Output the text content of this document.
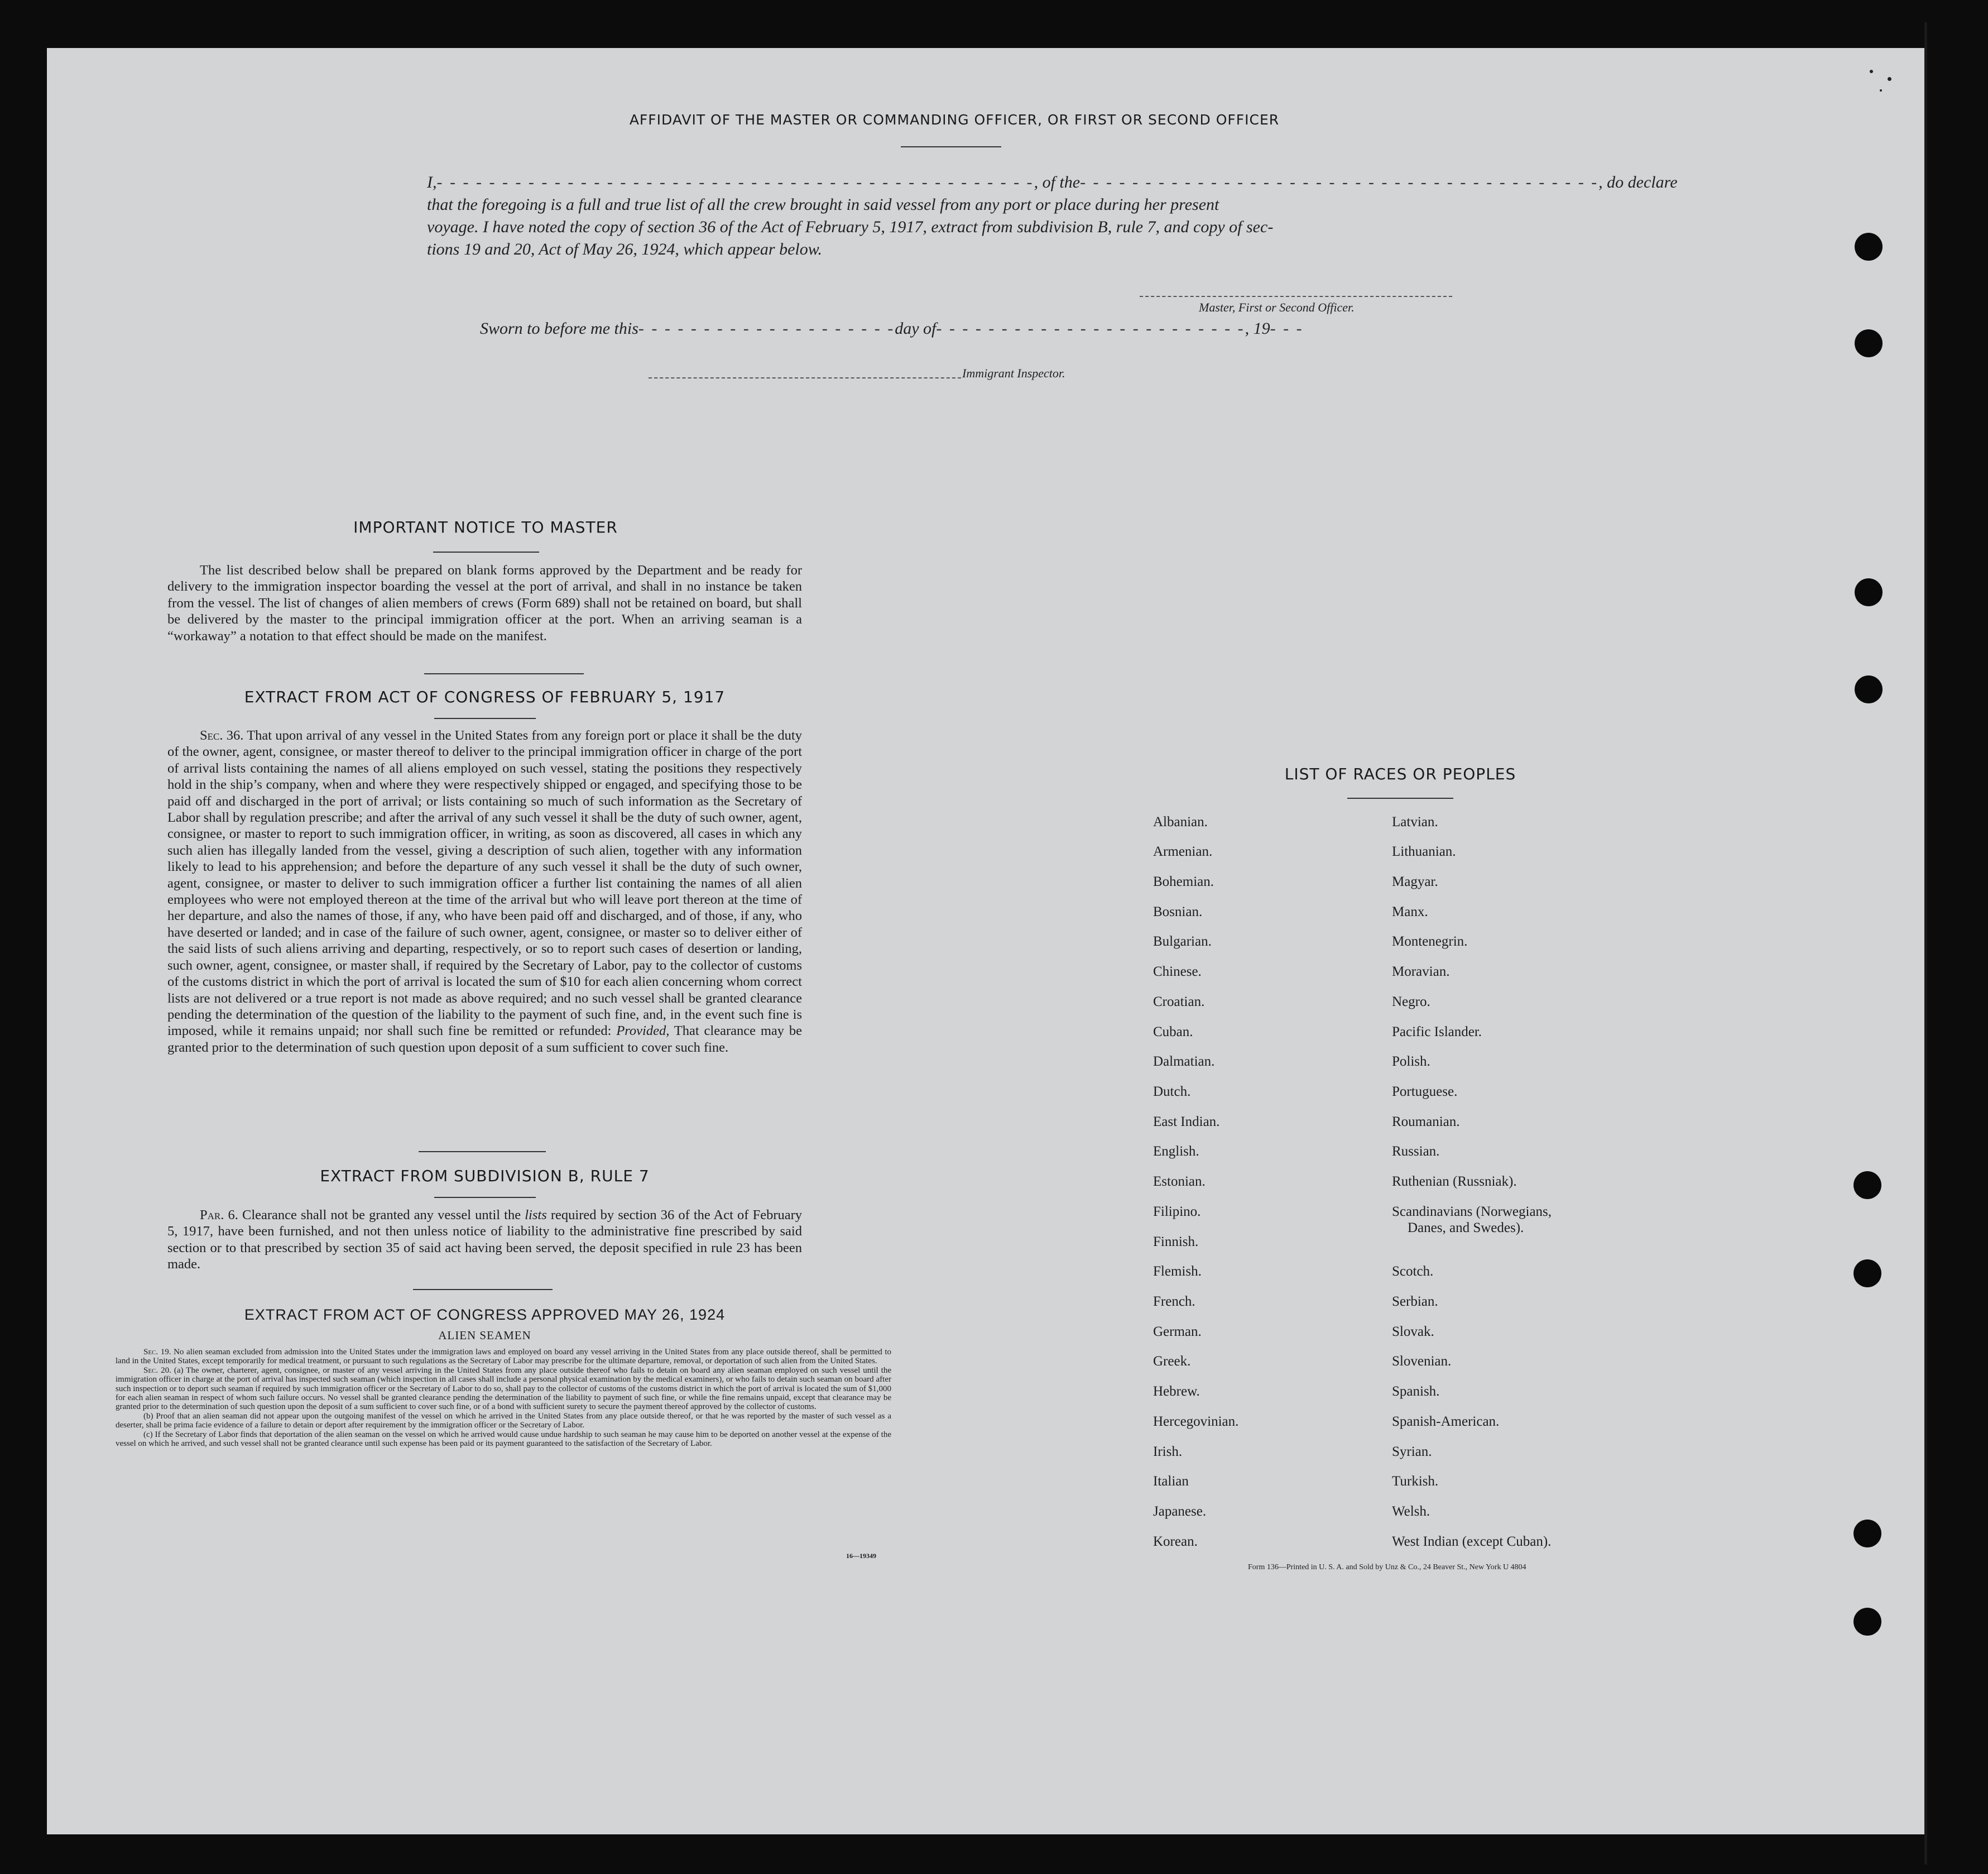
AFFIDAVIT OF THE MASTER OR COMMANDING OFFICER, OR FIRST OR SECOND OFFICER
I,- - - - - - - - - - - - - - - - - - - - - - - - - - - - - - - - - - - - - - - - - - - - - -, of the- - - - - - - - - - - - - - - - - - - - - - - - - - - - - - - - - - - - - - - -, do declare
that the foregoing is a full and true list of all the crew brought in said vessel from any port or place during her present
voyage. I have noted the copy of section 36 of the Act of February 5, 1917, extract from subdivision B, rule 7, and copy of sec-
tions 19 and 20, Act of May 26, 1924, which appear below.
Master, First or Second Officer.
Sworn to before me this- - - - - - - - - - - - - - - - - - - -day of- - - - - - - - - - - - - - - - - - - - - - - -, 19- - -
Immigrant Inspector.
IMPORTANT NOTICE TO MASTER

The list described below shall be prepared on blank forms approved by the Department and be ready for delivery to the immigration inspector boarding the vessel at the port of arrival, and shall in no instance be taken from the vessel. The list of changes of alien members of crews (Form 689) shall not be retained on board, but shall be delivered by the master to the principal immigration officer at the port. When an arriving seaman is a “workaway” a notation to that effect should be made on the manifest.

EXTRACT FROM ACT OF CONGRESS OF FEBRUARY 5, 1917

Sec. 36. That upon arrival of any vessel in the United States from any foreign port or place it shall be the duty of the owner, agent, consignee, or master thereof to deliver to the principal immigration officer in charge of the port of arrival lists containing the names of all aliens employed on such vessel, stating the positions they respectively hold in the ship’s company, when and where they were respectively shipped or engaged, and specifying those to be paid off and discharged in the port of arrival; or lists containing so much of such information as the Secretary of Labor shall by regulation prescribe; and after the arrival of any such vessel it shall be the duty of such owner, agent, consignee, or master to report to such immigration officer, in writing, as soon as discovered, all cases in which any such alien has illegally landed from the vessel, giving a description of such alien, together with any information likely to lead to his apprehension; and before the departure of any such vessel it shall be the duty of such owner, agent, consignee, or master to deliver to such immigration officer a further list containing the names of all alien employees who were not employed thereon at the time of the arrival but who will leave port thereon at the time of her departure, and also the names of those, if any, who have been paid off and discharged, and of those, if any, who have deserted or landed; and in case of the failure of such owner, agent, consignee, or master so to deliver either of the said lists of such aliens arriving and departing, respectively, or so to report such cases of desertion or landing, such owner, agent, consignee, or master shall, if required by the Secretary of Labor, pay to the collector of customs of the customs district in which the port of arrival is located the sum of $10 for each alien concerning whom correct lists are not delivered or a true report is not made as above required; and no such vessel shall be granted clearance pending the determination of the question of the liability to the payment of such fine, and, in the event such fine is imposed, while it remains unpaid; nor shall such fine be remitted or refunded: Provided, That clearance may be granted prior to the determination of such question upon deposit of a sum sufficient to cover such fine.

EXTRACT FROM SUBDIVISION B, RULE 7

Par. 6. Clearance shall not be granted any vessel until the lists required by section 36 of the Act of February 5, 1917, have been furnished, and not then unless notice of liability to the administrative fine prescribed by said section or to that prescribed by section 35 of said act having been served, the deposit specified in rule 23 has been made.

EXTRACT FROM ACT OF CONGRESS APPROVED MAY 26, 1924
ALIEN SEAMEN
Sec. 19. No alien seaman excluded from admission into the United States under the immigration laws and employed on board any vessel arriving in the United States from any place outside thereof, shall be permitted to land in the United States, except temporarily for medical treatment, or pursuant to such regulations as the Secretary of Labor may prescribe for the ultimate departure, removal, or deportation of such alien from the United States.
Sec. 20. (a) The owner, charterer, agent, consignee, or master of any vessel arriving in the United States from any place outside thereof who fails to detain on board any alien seaman employed on such vessel until the immigration officer in charge at the port of arrival has inspected such seaman (which inspection in all cases shall include a personal physical examination by the medical examiners), or who fails to detain such seaman on board after such inspection or to deport such seaman if required by such immigration officer or the Secretary of Labor to do so, shall pay to the collector of customs of the customs district in which the port of arrival is located the sum of $1,000 for each alien seaman in respect of whom such failure occurs. No vessel shall be granted clearance pending the determination of the liability to payment of such fine, or while the fine remains unpaid, except that clearance may be granted prior to the determination of such question upon the deposit of a sum sufficient to cover such fine, or of a bond with sufficient surety to secure the payment thereof approved by the collector of customs.
(b) Proof that an alien seaman did not appear upon the outgoing manifest of the vessel on which he arrived in the United States from any place outside thereof, or that he was reported by the master of such vessel as a deserter, shall be prima facie evidence of a failure to detain or deport after requirement by the immigration officer or the Secretary of Labor.
(c) If the Secretary of Labor finds that deportation of the alien seaman on the vessel on which he arrived would cause undue hardship to such seaman he may cause him to be deported on another vessel at the expense of the vessel on which he arrived, and such vessel shall not be granted clearance until such expense has been paid or its payment guaranteed to the satisfaction of the Secretary of Labor.
16—19349
LIST OF RACES OR PEOPLES
Albanian.
Armenian.
Bohemian.
Bosnian.
Bulgarian.
Chinese.
Croatian.
Cuban.
Dalmatian.
Dutch.
East Indian.
English.
Estonian.
Filipino.
Finnish.
Flemish.
French.
German.
Greek.
Hebrew.
Hercegovinian.
Irish.
Italian
Japanese.
Korean.
Latvian.
Lithuanian.
Magyar.
Manx.
Montenegrin.
Moravian.
Negro.
Pacific Islander.
Polish.
Portuguese.
Roumanian.
Russian.
Ruthenian (Russniak).
Scandinavians (Norwegians,
Danes, and Swedes).
Scotch.
Serbian.
Slovak.
Slovenian.
Spanish.
Spanish-American.
Syrian.
Turkish.
Welsh.
West Indian (except Cuban).
Form 136—Printed in U. S. A. and Sold by Unz & Co., 24 Beaver St., New York U 4804
